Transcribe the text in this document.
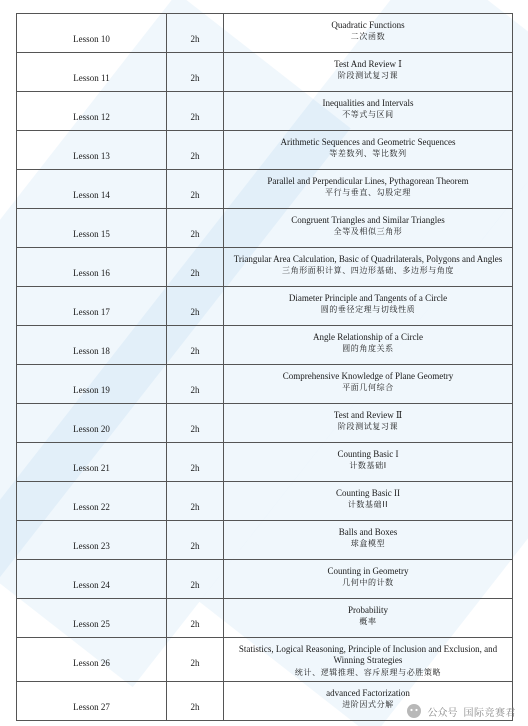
Lesson 10	2h	Quadratic Functions
二次函数

Lesson 11	2h	Test And Review Ⅰ
阶段测试复习课

Lesson 12	2h	Inequalities and Intervals
不等式与区间

Lesson 13	2h	Arithmetic Sequences and Geometric Sequences
等差数列、等比数列

Lesson 14	2h	Parallel and Perpendicular Lines, Pythagorean Theorem
平行与垂直、勾股定理

Lesson 15	2h	Congruent Triangles and Similar Triangles
全等及相似三角形

Lesson 16	2h	Triangular Area Calculation, Basic of Quadrilaterals, Polygons and Angles
三角形面积计算、四边形基础、多边形与角度

Lesson 17	2h	Diameter Principle and Tangents of a Circle
圆的垂径定理与切线性质

Lesson 18	2h	Angle Relationship of a Circle
圆的角度关系

Lesson 19	2h	Comprehensive Knowledge of Plane Geometry
平面几何综合

Lesson 20	2h	Test and Review Ⅱ
阶段测试复习课

Lesson 21	2h	Counting Basic I
计数基础I

Lesson 22	2h	Counting Basic II
计数基础II

Lesson 23	2h	Balls and Boxes
球盒模型

Lesson 24	2h	Counting in Geometry
几何中的计数

Lesson 25	2h	Probability
概率

Lesson 26	2h	Statistics, Logical Reasoning, Principle of Inclusion and Exclusion, and Winning Strategies
统计、逻辑推理、容斥原理与必胜策略

Lesson 27	2h	advanced Factorization
进阶因式分解
公众号 国际竞赛君
